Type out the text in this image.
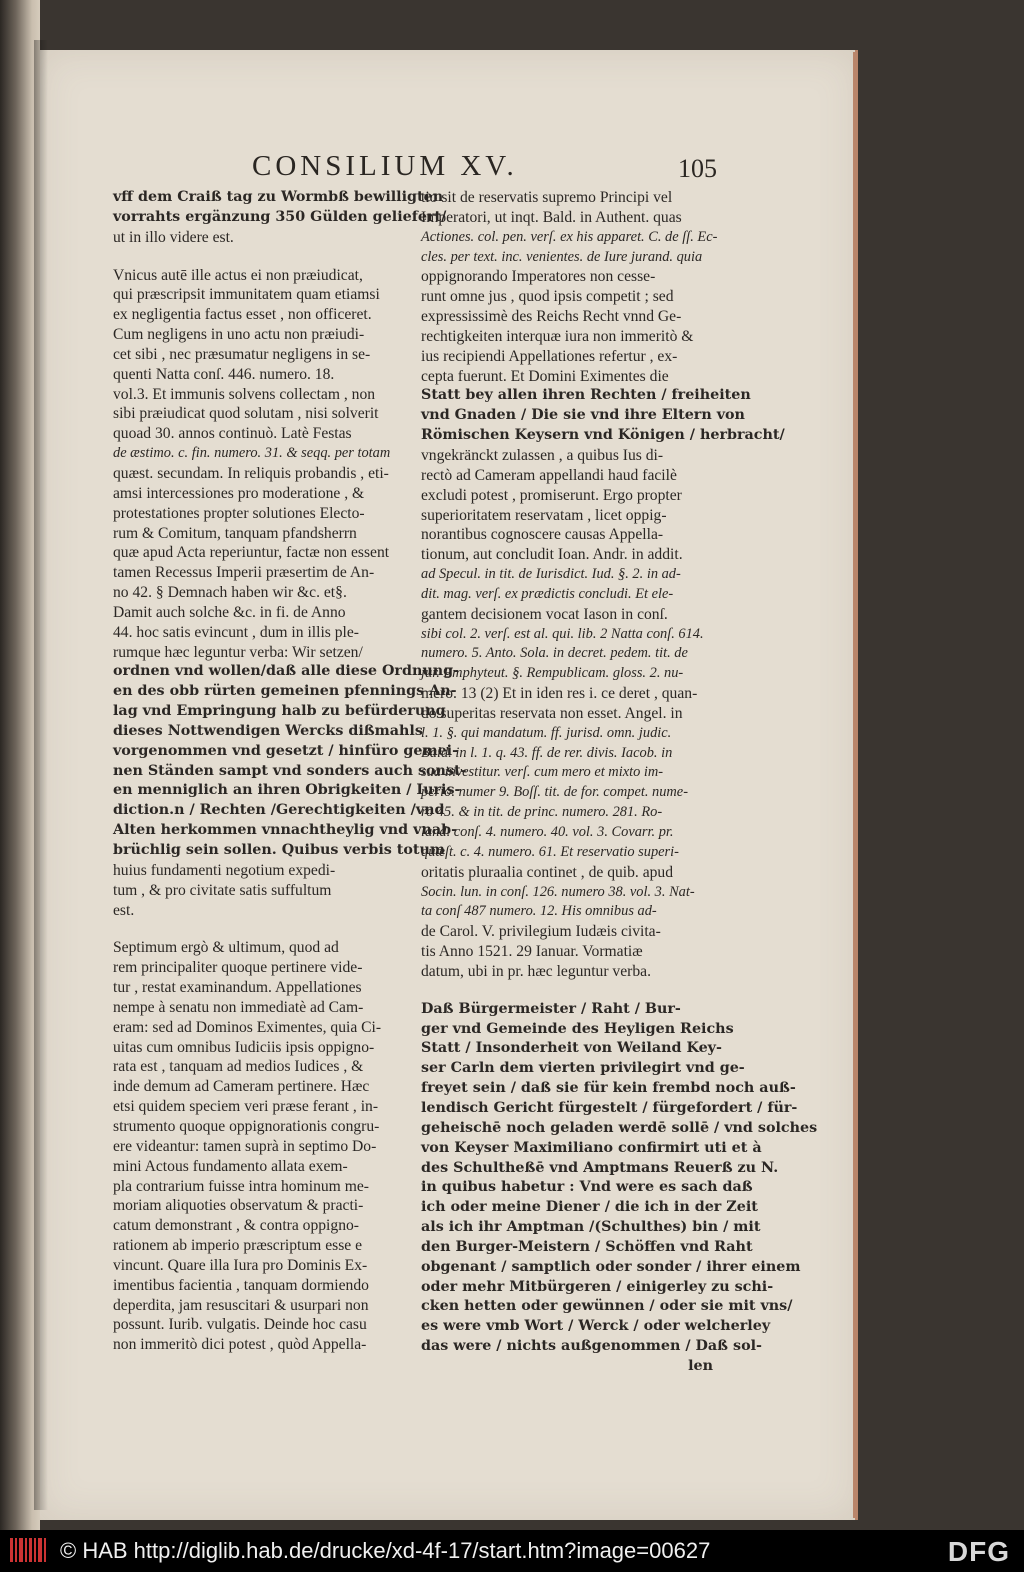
CONSILIUM XV.	105
vff dem Craiß tag zu Wormbß bewilligten
vorrahts ergänzung 350 Gülden geliefert/
ut in illo videre est.
Vnicus autē ille actus ei non præiudicat,
qui præscripsit immunitatem quam etiamsi
ex negligentia factus esset , non officeret.
Cum negligens in uno actu non præiudi-
cet sibi , nec præsumatur negligens in se-
quenti Natta conſ. 446. numero. 18.
vol.3. Et immunis solvens collectam , non
sibi præiudicat quod solutam , nisi solverit
quoad 30. annos continuò. Latè Festas
de æstimo. c. fin. numero. 31. & seqq. per totam
quæst. secundam. In reliquis probandis , eti-
amsi intercessiones pro moderatione , &
protestationes propter solutiones Electo-
rum & Comitum, tanquam pfandsherrn
quæ apud Acta reperiuntur, factæ non essent
tamen Recessus Imperii præsertim de An-
no 42. § Demnach haben wir &c. et§.
Damit auch solche &c. in fi. de Anno
44. hoc satis evincunt , dum in illis ple-
rumque hæc leguntur verba: Wir setzen/
ordnen vnd wollen/daß alle diese Ordnung-
en des obb rürten gemeinen pfennings An-
lag vnd Empringung halb zu befürderung
dieses Nottwendigen Wercks dißmahls
vorgenommen vnd gesetzt / hinfüro gemei-
nen Ständen sampt vnd sonders auch sonst-
en menniglich an ihren Obrigkeiten / Iuris-
diction.n / Rechten /Gerechtigkeiten /vnd
Alten herkommen vnnachtheylig vnd vnab-
brüchlig sein sollen. Quibus verbis totum
huius fundamenti negotium expedi-
tum , & pro civitate satis suffultum
est.
Septimum ergò & ultimum, quod ad
rem principaliter quoque pertinere vide-
tur , restat examinandum. Appellationes
nempe à senatu non immediatè ad Cam-
eram: sed ad Dominos Eximentes, quia Ci-
uitas cum omnibus Iudiciis ipsis oppigno-
rata est , tanquam ad medios Iudices , &
inde demum ad Cameram pertinere. Hæc
etsi quidem speciem veri præse ferant , in-
strumento quoque oppignorationis congru-
ere videantur: tamen suprà in septimo Do-
mini Actous fundamento allata exem-
pla contrarium fuisse intra hominum me-
moriam aliquoties observatum & practi-
catum demonstrant , & contra oppigno-
rationem ab imperio præscriptum esse e
vincunt. Quare illa Iura pro Dominis Ex-
imentibus facientia , tanquam dormiendo
deperdita, jam resuscitari & usurpari non
possunt. Iurib. vulgatis. Deinde hoc casu
non immeritò dici potest , quòd Appella-
tio sit de reservatis supremo Principi vel
Imperatori, ut inqt. Bald. in Authent. quas
Actiones. col. pen. verſ. ex his apparet. C. de ſſ. Ec-
cles. per text. inc. venientes. de Iure jurand. quia
oppignorando Imperatores non cesse-
runt omne jus , quod ipsis competit ; sed
expressissimè des Reichs Recht vnnd Ge-
rechtigkeiten interquæ iura non immeritò &
ius recipiendi Appellationes refertur , ex-
cepta fuerunt. Et Domini Eximentes die
Statt bey allen ihren Rechten / freiheiten
vnd Gnaden / Die sie vnd ihre Eltern von
Römischen Keysern vnd Königen / herbracht/
vngekränckt zulassen , a quibus Ius di-
rectò ad Cameram appellandi haud facilè
excludi potest , promiserunt. Ergo propter
superioritatem reservatam , licet oppig-
norantibus cognoscere causas Appella-
tionum, aut concludit Ioan. Andr. in addit.
ad Specul. in tit. de Iurisdict. Iud. §. 2. in ad-
dit. mag. verſ. ex prædictis concludi. Et ele-
gantem decisionem vocat Iason in conſ.
sibi col. 2. verſ. est al. qui. lib. 2 Natta conſ. 614.
numero. 5. Anto. Sola. in decret. pedem. tit. de
jur. Emphyteut. §. Rempublicam. gloss. 2. nu-
mero. 13 (2) Et in iden res i. ce deret , quan-
do superitas reservata non esset. Angel. in
l. 1. §. qui mandatum. ff. jurisd. omn. judic.
Bald. in l. 1. q. 43. ff. de rer. divis. Iacob. in
sua investitur. verſ. cum mero et mixto im-
perio. numer 9. Boſſ. tit. de for. compet. nume-
ro 45. & in tit. de princ. numero. 281. Ro-
land. conſ. 4. numero. 40. vol. 3. Covarr. pr.
quæſt. c. 4. numero. 61. Et reservatio superi-
oritatis pluraalia continet , de quib. apud
Socin. lun. in conſ. 126. numero 38. vol. 3. Nat-
ta conſ 487 numero. 12. His omnibus ad-
de Carol. V. privilegium Iudæis civita-
tis Anno 1521. 29 Ianuar. Vormatiæ
datum, ubi in pr. hæc leguntur verba.
Daß Bürgermeister / Raht / Bur-
ger vnd Gemeinde des Heyligen Reichs
Statt / Insonderheit von Weiland Key-
ser Carln dem vierten privilegirt vnd ge-
freyet sein / daß sie für kein frembd noch auß-
lendisch Gericht fürgestelt / fürgefordert / für-
geheischē noch geladen werdē sollē / vnd solches
von Keyser Maximiliano confirmirt uti et à
des Schultheßē vnd Amptmans Reuerß zu N.
in quibus habetur : Vnd were es sach daß
ich oder meine Diener / die ich in der Zeit
als ich ihr Amptman /(Schulthes) bin / mit
den Burger-Meistern / Schöffen vnd Raht
obgenant / samptlich oder sonder / ihrer einem
oder mehr Mitbürgeren / einigerley zu schi-
cken hetten oder gewünnen / oder sie mit vns/
es were vmb Wort / Werck / oder welcherley
das were / nichts außgenommen / Daß sol-
len
© HAB http://diglib.hab.de/drucke/xd-4f-17/start.htm?image=00627	DFG
